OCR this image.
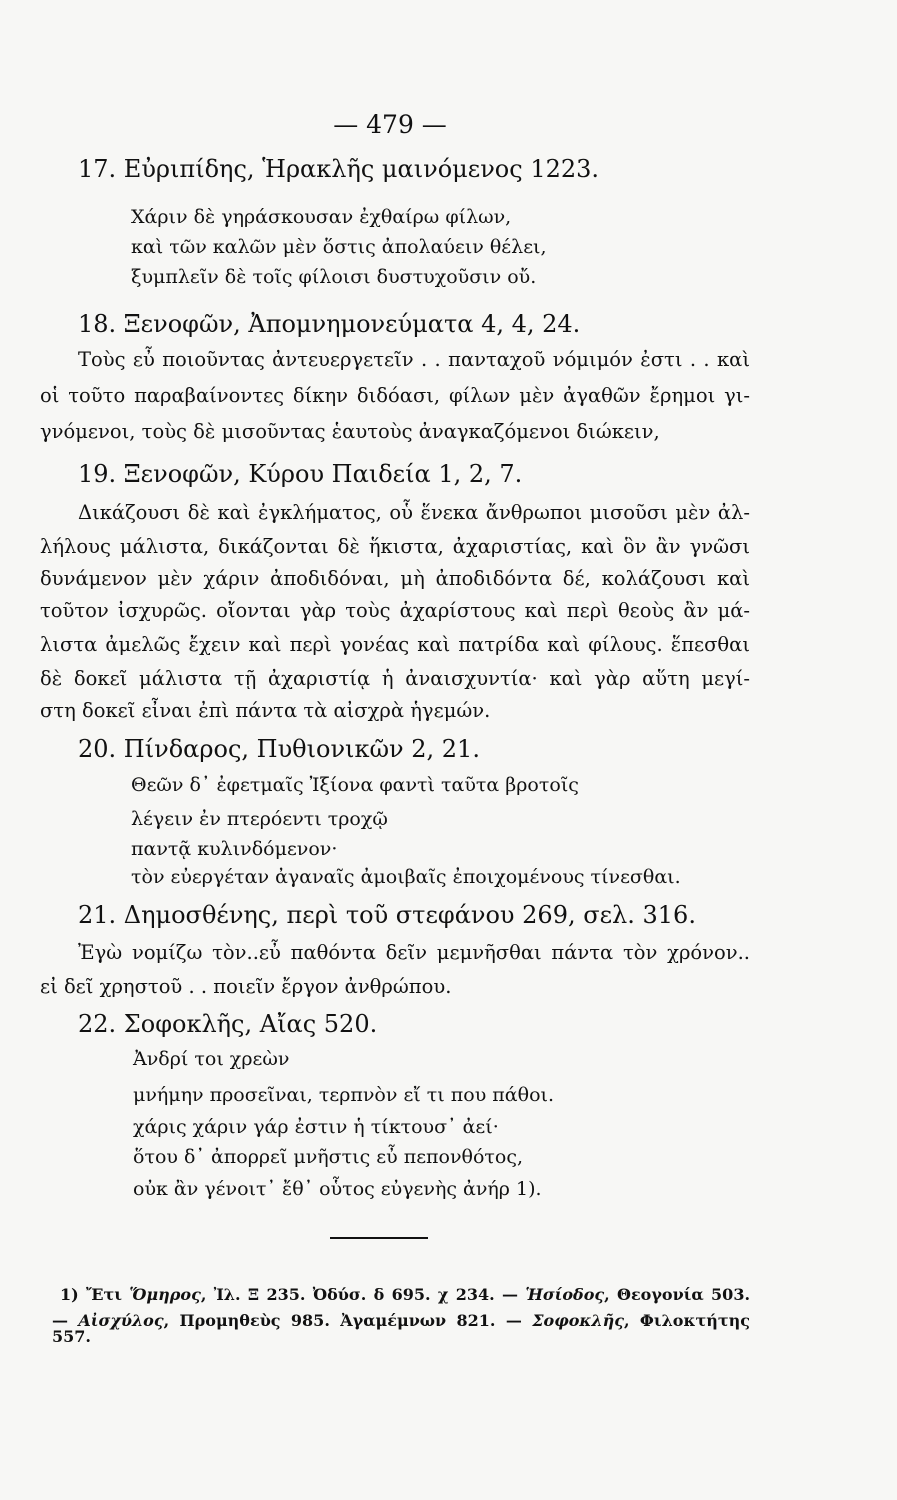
— 479 —
17. Εὐριπίδης, Ἡρακλῆς μαινόμενος 1223.
Χάριν δὲ γηράσκουσαν ἐχθαίρω φίλων,
καὶ τῶν καλῶν μὲν ὅστις ἀπολαύειν θέλει,
ξυμπλεῖν δὲ τοῖς φίλοισι δυστυχοῦσιν οὔ.
18. Ξενοφῶν, Ἀπομνημονεύματα 4, 4, 24.
Τοὺς εὖ ποιοῦντας ἀντευεργετεῖν . . πανταχοῦ νόμιμόν ἐστι . . καὶ
οἱ τοῦτο παραβαίνοντες δίκην διδόασι, φίλων μὲν ἀγαθῶν ἔρημοι γι-
γνόμενοι, τοὺς δὲ μισοῦντας ἑαυτοὺς ἀναγκαζόμενοι διώκειν,
19. Ξενοφῶν, Κύρου Παιδεία 1, 2, 7.
Δικάζουσι δὲ καὶ ἐγκλήματος, οὗ ἕνεκα ἄνθρωποι μισοῦσι μὲν ἀλ-
λήλους μάλιστα, δικάζονται δὲ ἥκιστα, ἀχαριστίας, καὶ ὃν ἂν γνῶσι
δυνάμενον μὲν χάριν ἀποδιδόναι, μὴ ἀποδιδόντα δέ, κολάζουσι καὶ
τοῦτον ἰσχυρῶς. οἴονται γὰρ τοὺς ἀχαρίστους καὶ περὶ θεοὺς ἂν μά-
λιστα ἀμελῶς ἔχειν καὶ περὶ γονέας καὶ πατρίδα καὶ φίλους. ἕπεσθαι
δὲ δοκεῖ μάλιστα τῇ ἀχαριστίᾳ ἡ ἀναισχυντία· καὶ γὰρ αὕτη μεγί-
στη δοκεῖ εἶναι ἐπὶ πάντα τὰ αἰσχρὰ ἡγεμών.
20. Πίνδαρος, Πυθιονικῶν 2, 21.
Θεῶν δ᾽ ἐφετμαῖς Ἰξίονα φαντὶ ταῦτα βροτοῖς
λέγειν ἐν πτερόεντι τροχῷ
παντᾷ κυλινδόμενον·
τὸν εὐεργέταν ἀγαναῖς ἀμοιβαῖς ἐποιχομένους τίνεσθαι.
21. Δημοσθένης, περὶ τοῦ στεφάνου 269, σελ. 316.
Ἐγὼ νομίζω τὸν..εὖ παθόντα δεῖν μεμνῆσθαι πάντα τὸν χρόνον..
εἰ δεῖ χρηστοῦ . . ποιεῖν ἔργον ἀνθρώπου.
22. Σοφοκλῆς, Αἴας 520.
Ἀνδρί τοι χρεὼν
μνήμην προσεῖναι, τερπνὸν εἴ τι που πάθοι.
χάρις χάριν γάρ ἐστιν ἡ τίκτουσ᾽ ἀεί·
ὅτου δ᾽ ἀπορρεῖ μνῆστις εὖ πεπονθότος,
οὐκ ἂν γένοιτ᾽ ἔθ᾽ οὗτος εὐγενὴς ἀνήρ 1).
1) Ἔτι Ὅμηρος, Ἰλ. Ξ 235. Ὀδύσ. δ 695. χ 234. — Ἡσίοδος, Θεογονία 503.
— Αἰσχύλος, Προμηθεὺς 985. Ἀγαμέμνων 821. — Σοφοκλῆς, Φιλοκτήτης 557.
